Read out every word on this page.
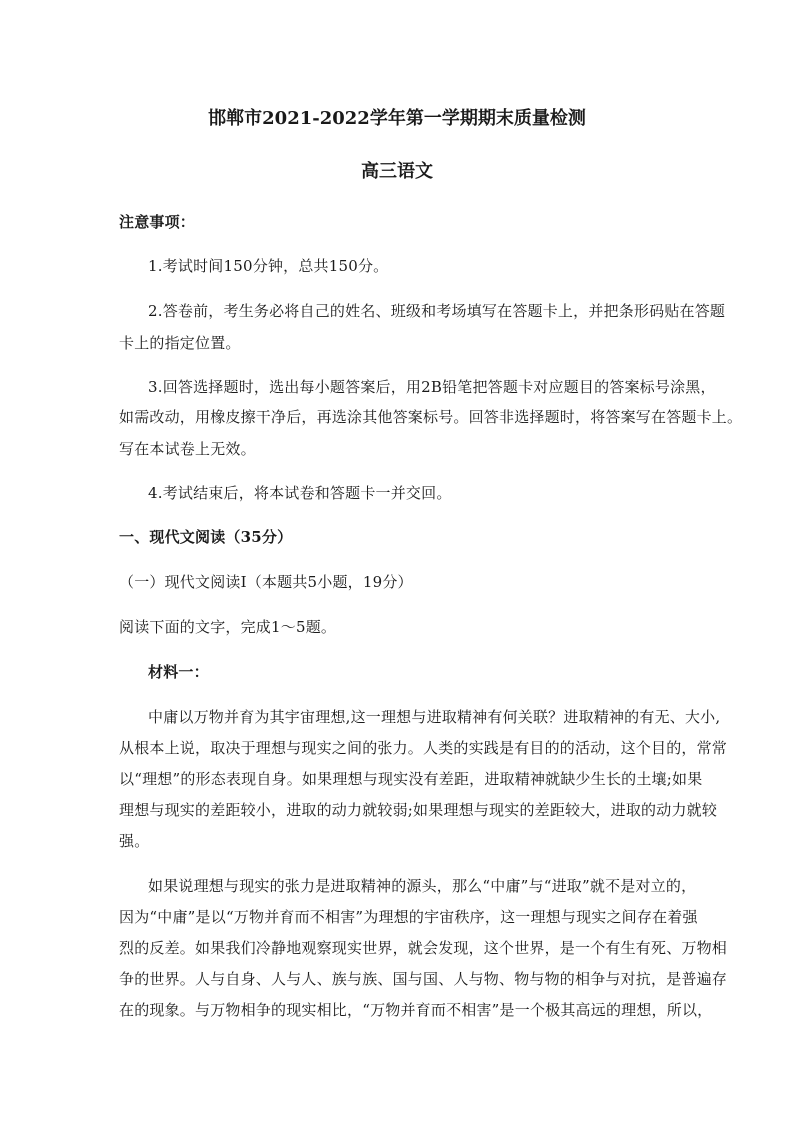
邯郸市2021-2022学年第一学期期末质量检测
高三语文
注意事项：
1.考试时间150分钟，总共150分。
2.答卷前，考生务必将自己的姓名、班级和考场填写在答题卡上，并把条形码贴在答题
卡上的指定位置。
3.回答选择题时，选出每小题答案后，用2B铅笔把答题卡对应题目的答案标号涂黑，
如需改动，用橡皮擦干净后，再选涂其他答案标号。回答非选择题时，将答案写在答题卡上。
写在本试卷上无效。
4.考试结束后，将本试卷和答题卡一并交回。
一、现代文阅读（35分）
（一）现代文阅读Ⅰ（本题共5小题，19分）
阅读下面的文字，完成1～5题。
材料一：
中庸以万物并育为其宇宙理想,这一理想与进取精神有何关联？进取精神的有无、大小,
从根本上说，取决于理想与现实之间的张力。人类的实践是有目的的活动，这个目的，常常
以“理想”的形态表现自身。如果理想与现实没有差距，进取精神就缺少生长的土壤;如果
理想与现实的差距较小，进取的动力就较弱;如果理想与现实的差距较大，进取的动力就较
强。
如果说理想与现实的张力是进取精神的源头，那么“中庸”与“进取”就不是对立的，
因为“中庸”是以“万物并育而不相害”为理想的宇宙秩序，这一理想与现实之间存在着强
烈的反差。如果我们冷静地观察现实世界，就会发现，这个世界，是一个有生有死、万物相
争的世界。人与自身、人与人、族与族、国与国、人与物、物与物的相争与对抗，是普遍存
在的现象。与万物相争的现实相比，“万物并育而不相害”是一个极其高远的理想，所以，
